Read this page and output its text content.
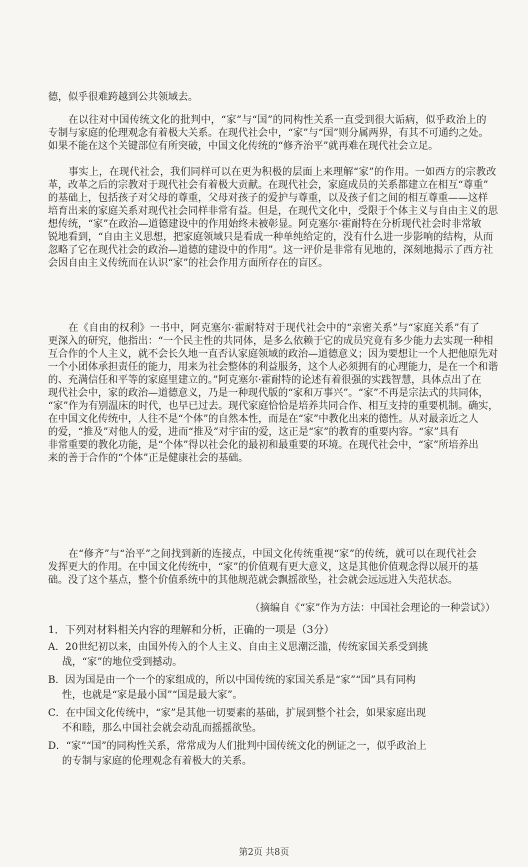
德，似乎很难跨越到公共领域去。
　　在以往对中国传统文化的批判中，“家”与“国”的同构性关系一直受到很大诟病，似乎政治上的
专制与家庭的伦理观念有着极大关系。在现代社会中，“家”与“国”则分属两界，有其不可通约之处。
如果不能在这个关键部位有所突破，中国文化传统的“修齐治平”就再难在现代社会立足。
　　事实上，在现代社会，我们同样可以在更为积极的层面上来理解“家”的作用。一如西方的宗教改
革，改革之后的宗教对于现代社会有着极大贡献。在现代社会，家庭成员的关系都建立在相互“尊重”
的基础上，包括孩子对父母的尊重，父母对孩子的爱护与尊重，以及孩子们之间的相互尊重——这样
培育出来的家庭关系对现代社会同样非常有益。但是，在现代文化中，受限于个体主义与自由主义的思
想传统，“家”在政治—道德建设中的作用始终未被彰显。阿克塞尔·霍耐特在分析现代社会时非常敏
锐地看到，“自由主义思想，把家庭领域只是看成一种单纯给定的，没有什么进一步影响的结构，从而
忽略了它在现代社会的政治—道德的建设中的作用”。这一评价是非常有见地的，深刻地揭示了西方社
会因自由主义传统而在认识“家”的社会作用方面所存在的盲区。
　　在《自由的权利》一书中，阿克塞尔·霍耐特对于现代社会中的“亲密关系”与“家庭关系”有了
更深入的研究，他指出：“一个民主性的共同体，是多么依赖于它的成员究竟有多少能力去实现一种相
互合作的个人主义，就不会长久地一直否认家庭领域的政治—道德意义；因为要想让一个人把他原先对
一个小团体承担责任的能力，用来为社会整体的利益服务，这个人必须拥有的心理能力，是在一个和谐
的、充满信任和平等的家庭里建立的。”阿克塞尔·霍耐特的论述有着很强的实践智慧，具体点出了在
现代社会中，家的政治—道德意义，乃是一种现代版的“家和万事兴”。“家”不再是宗法式的共同体，
“家”作为有别温床的时代，也早已过去。现代家庭恰恰是培养共同合作、相互支持的重要机制。确实，
在中国文化传统中，人往不是“个体”的自然本性，而是在“家”中教化出来的德性。从对最亲近之人
的爱，“推及”对他人的爱，进而“推及”对宇宙的爱，这正是“家”的教育的重要内容。“家”具有
非常重要的教化功能，是“个体”得以社会化的最初和最重要的环境。在现代社会中，“家”所培养出
来的善于合作的“个体”正是健康社会的基础。
　　在“修齐”与“治平”之间找到新的连接点，中国文化传统重视“家”的传统，就可以在现代社会
发挥更大的作用。在中国文化传统中，“家”的价值观有更大意义，这是其他价值观念得以展开的基
础。没了这个基点，整个价值系统中的其他规范就会飘摇欲坠，社会就会远远进入失范状态。
（摘编自《“家”作为方法：中国社会理论的一种尝试》）
1．下列对材料相关内容的理解和分析，正确的一项是（3分）
A．20世纪初以来，由国外传入的个人主义、自由主义思潮泛滥，传统家国关系受到挑
战，“家”的地位受到撼动。
B．因为国是由一个一个的家组成的，所以中国传统的家国关系是“家”“国”具有同构
性，也就是“家是最小国”“国是最大家”。
C．在中国文化传统中，“家”是其他一切要素的基础，扩展到整个社会，如果家庭出现
不和睦，那么中国社会就会动乱而摇摇欲坠。
D．“家”“国”的同构性关系，常常成为人们批判中国传统文化的例证之一，似乎政治上
的专制与家庭的伦理观念有着极大的关系。
第2页 共8页
